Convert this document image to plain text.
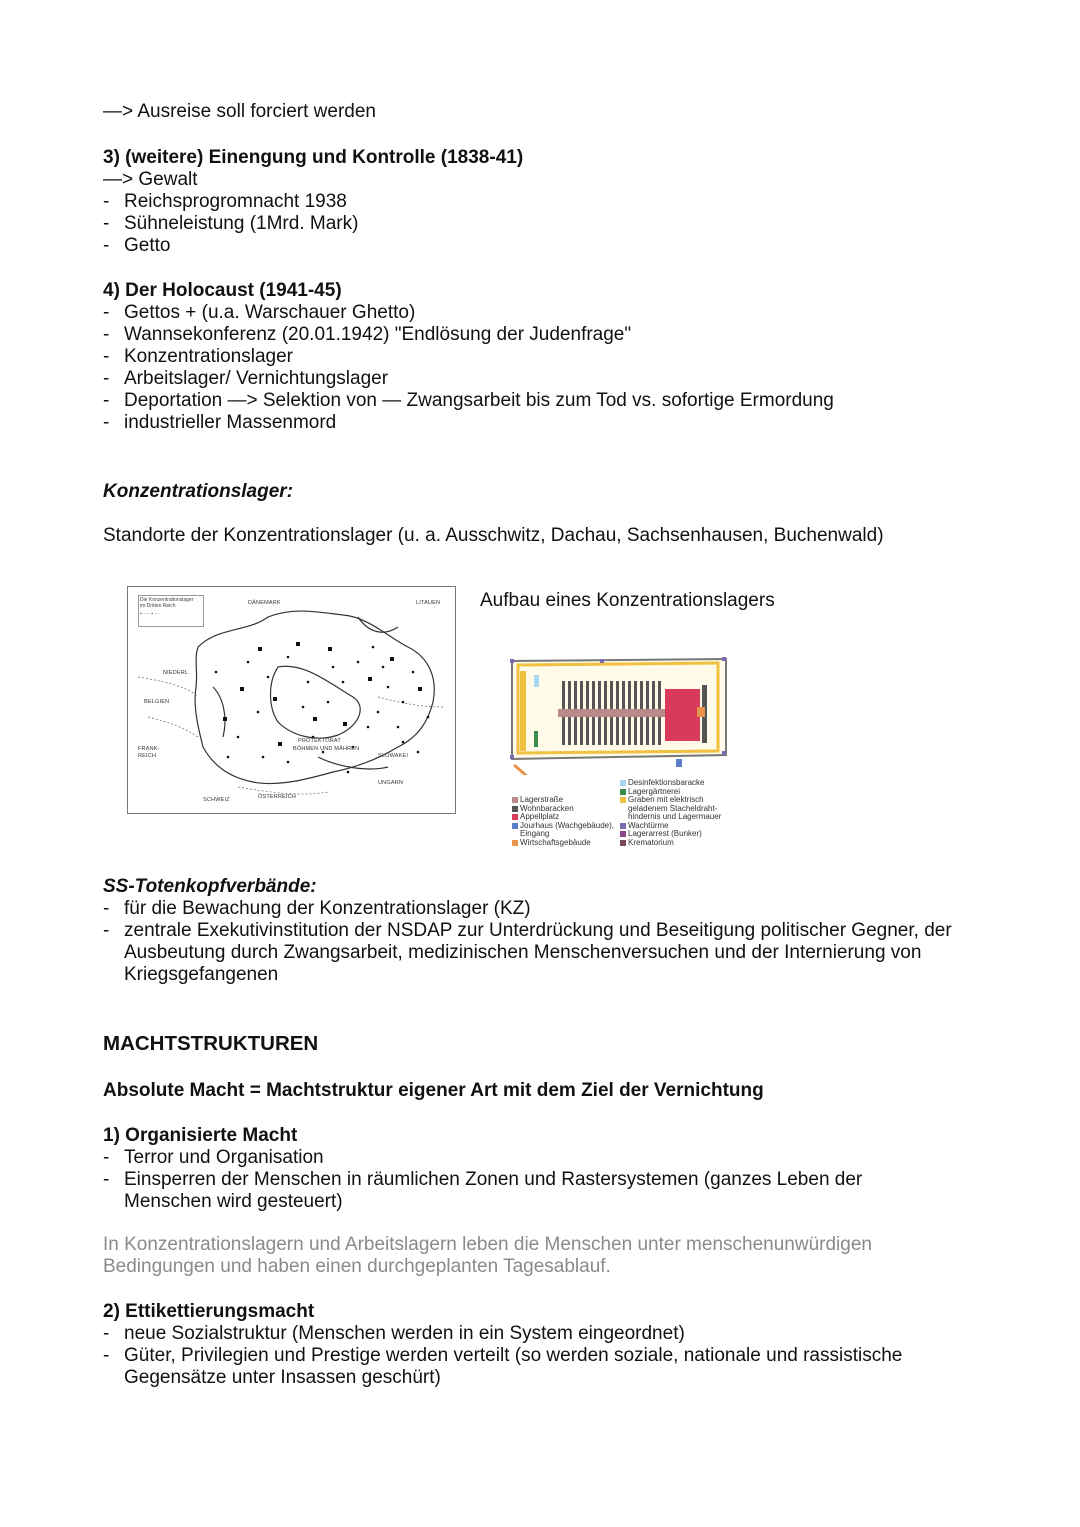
—> Ausreise soll forciert werden
3) (weitere) Einengung und Kontrolle (1838-41)
—> Gewalt
- Reichsprogromnacht 1938
- Sühneleistung (1Mrd. Mark)
- Getto
4) Der Holocaust (1941-45)
- Gettos + (u.a. Warschauer Ghetto)
- Wannsekonferenz (20.01.1942) "Endlösung der Judenfrage"
- Konzentrationslager
- Arbeitslager/ Vernichtungslager
- Deportation —> Selektion von — Zwangsarbeit bis zum Tod vs. sofortige Ermordung
- industrieller Massenmord
Konzentrationslager:
Standorte der Konzentrationslager (u. a. Ausschwitz, Dachau, Sachsenhausen, Buchenwald)
Die Konzentrationslager
im Dritten Reich
▪ ···· ▪ ···
DÄNEMARK	LITAUEN
NIEDERL.
BELGIEN
FRANK-
REICH
PROTEKTORAT
BÖHMEN UND MÄHREN
SLOWAKEI
UNGARN
SCHWEIZ	ÖSTERREICH
Aufbau eines Konzentrationslagers
Lagerstraße
Wohnbaracken
Appellplatz
Jourhaus (Wachgebäude),
Eingang
Wirtschaftsgebäude
Desinfektionsbaracke
Lagergärtnerei
Graben mit elektrisch
geladenem Stacheldraht-
hindernis und Lagermauer
Wachtürme
Lagerarrest (Bunker)
Krematorium
SS-Totenkopfverbände:
- für die Bewachung der Konzentrationslager (KZ)
- zentrale Exekutivinstitution der NSDAP zur Unterdrückung und Beseitigung politischer Gegner, der Ausbeutung durch Zwangsarbeit, medizinischen Menschenversuchen und der Internierung von Kriegsgefangenen
MACHTSTRUKTUREN
Absolute Macht = Machtstruktur eigener Art mit dem Ziel der Vernichtung
1) Organisierte Macht
- Terror und Organisation
- Einsperren der Menschen in räumlichen Zonen und Rastersystemen (ganzes Leben der Menschen wird gesteuert)
In Konzentrationslagern und Arbeitslagern leben die Menschen unter menschenunwürdigen Bedingungen und haben einen durchgeplanten Tagesablauf.
2) Ettikettierungsmacht
- neue Sozialstruktur (Menschen werden in ein System eingeordnet)
- Güter, Privilegien und Prestige werden verteilt (so werden soziale, nationale und rassistische Gegensätze unter Insassen geschürt)
